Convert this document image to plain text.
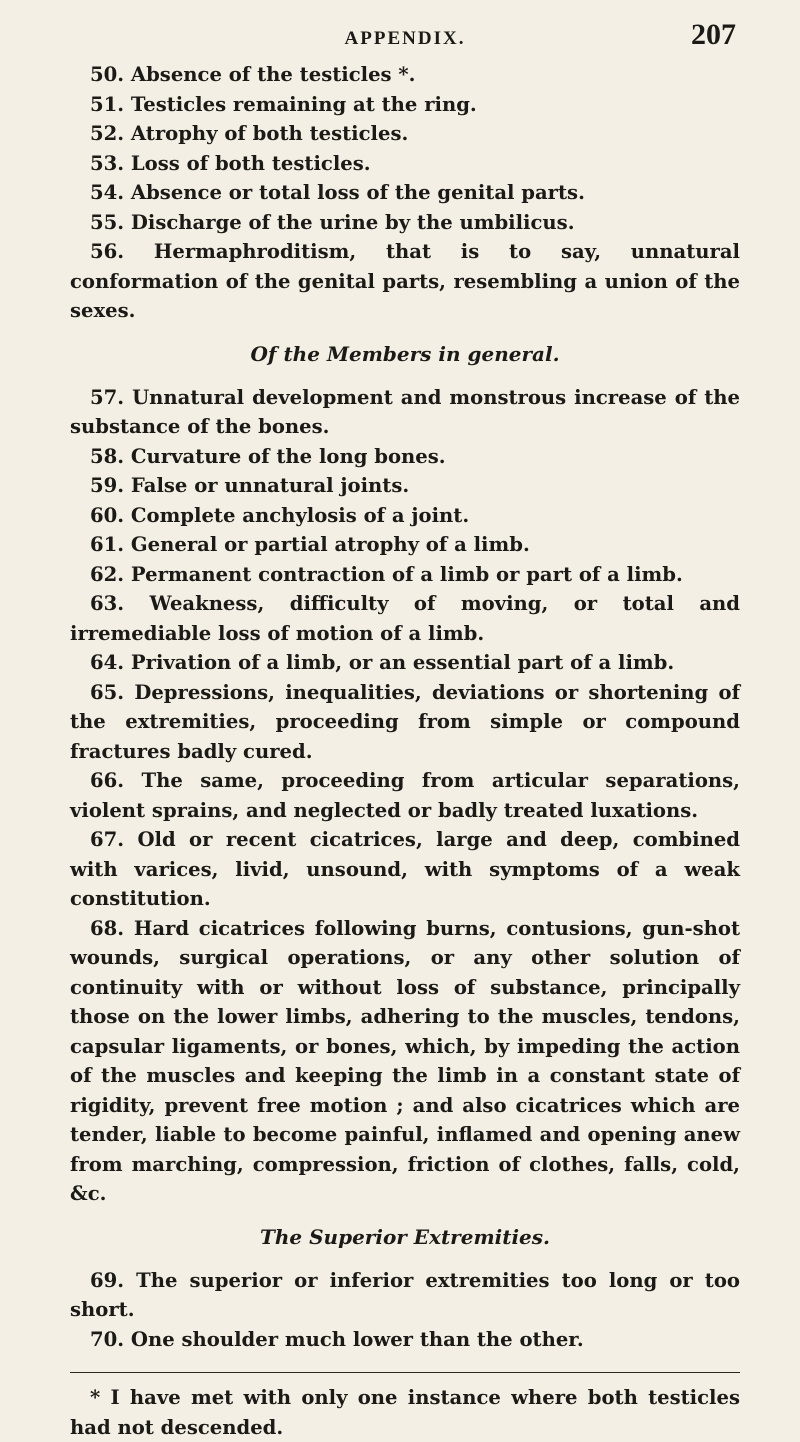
APPENDIX.	207

50. Absence of the testicles *.

51. Testicles remaining at the ring.

52. Atrophy of both testicles.

53. Loss of both testicles.

54. Absence or total loss of the genital parts.

55. Discharge of the urine by the umbilicus.

56. Hermaphroditism, that is to say, unnatural conformation of the genital parts, resembling a union of the sexes.

Of the Members in general.

57. Unnatural development and monstrous increase of the substance of the bones.

58. Curvature of the long bones.

59. False or unnatural joints.

60. Complete anchylosis of a joint.

61. General or partial atrophy of a limb.

62. Permanent contraction of a limb or part of a limb.

63. Weakness, difficulty of moving, or total and irremediable loss of motion of a limb.

64. Privation of a limb, or an essential part of a limb.

65. Depressions, inequalities, deviations or shortening of the extremities, proceeding from simple or compound fractures badly cured.

66. The same, proceeding from articular separations, violent sprains, and neglected or badly treated luxations.

67. Old or recent cicatrices, large and deep, combined with varices, livid, unsound, with symptoms of a weak constitution.

68. Hard cicatrices following burns, contusions, gun-shot wounds, surgical operations, or any other solution of continuity with or without loss of substance, principally those on the lower limbs, adhering to the muscles, tendons, capsular ligaments, or bones, which, by impeding the action of the muscles and keeping the limb in a constant state of rigidity, prevent free motion ; and also cicatrices which are tender, liable to become painful, inflamed and opening anew from marching, compression, friction of clothes, falls, cold, &c.

The Superior Extremities.

69. The superior or inferior extremities too long or too short.

70. One shoulder much lower than the other.

* I have met with only one instance where both testicles had not descended.
